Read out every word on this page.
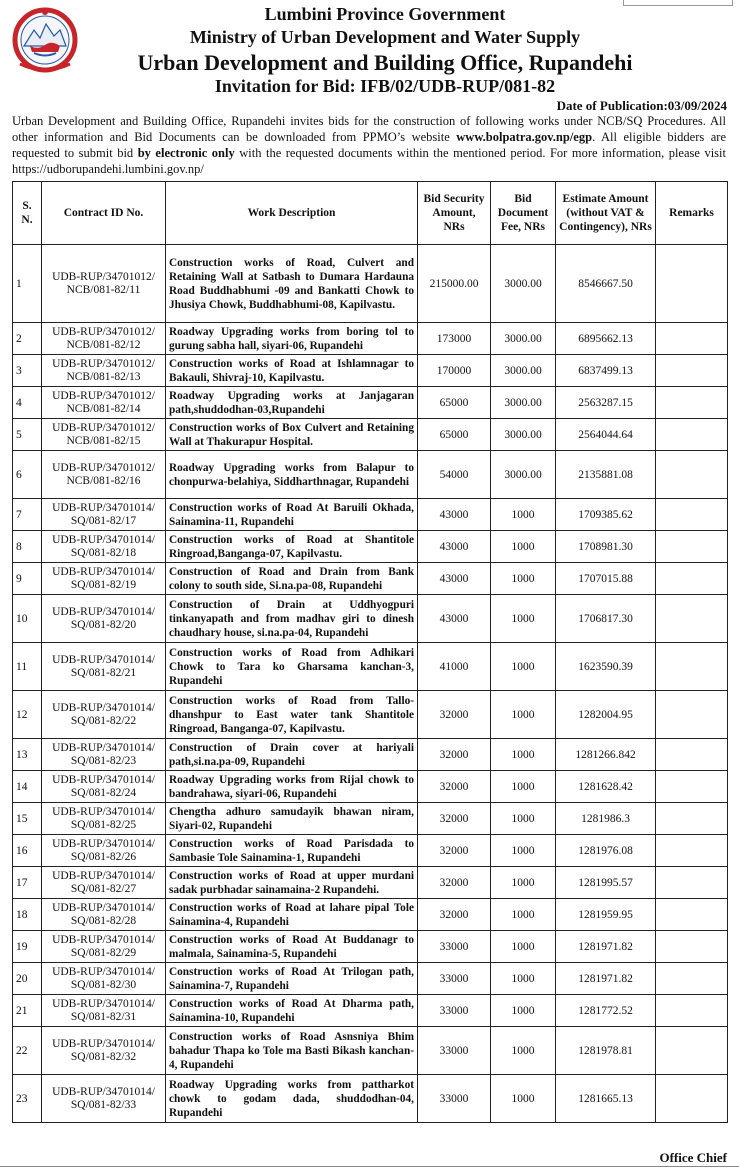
Lumbini Province Government
Ministry of Urban Development and Water Supply
Urban Development and Building Office, Rupandehi
Invitation for Bid: IFB/02/UDB-RUP/081-82
Date of Publication:03/09/2024
Urban Development and Building Office, Rupandehi invites bids for the construction of following works under NCB/SQ Procedures. All other information and Bid Documents can be downloaded from PPMO’s website www.bolpatra.gov.np/egp. All eligible bidders are requested to submit bid by electronic only with the requested documents within the mentioned period. For more information, please visit https://udborupandehi.lumbini.gov.np/
S. N.	Contract ID No.	Work Description	Bid Security Amount, NRs	Bid Document Fee, NRs	Estimate Amount (without VAT & Contingency), NRs	Remarks
1	UDB-RUP/34701012/
NCB/081-82/11	Construction works of Road, Culvert and Retaining Wall at Satbash to Dumara Hardauna Road Buddhabhumi -09 and Bankatti Chowk to Jhusiya Chowk, Buddhabhumi-08, Kapilvastu.	215000.00	3000.00	8546667.50	
2	UDB-RUP/34701012/
NCB/081-82/12	Roadway Upgrading works from boring tol to gurung sabha hall, siyari-06, Rupandehi	173000	3000.00	6895662.13	
3	UDB-RUP/34701012/
NCB/081-82/13	Construction works of Road at Ishlamnagar to Bakauli, Shivraj-10, Kapilvastu.	170000	3000.00	6837499.13	
4	UDB-RUP/34701012/
NCB/081-82/14	Roadway Upgrading works at Janjagaran path,shuddodhan-03,Rupandehi	65000	3000.00	2563287.15	
5	UDB-RUP/34701012/
NCB/081-82/15	Construction works of Box Culvert and Retaining Wall at Thakurapur Hospital.	65000	3000.00	2564044.64	
6	UDB-RUP/34701012/
NCB/081-82/16	Roadway Upgrading works from Balapur to chonpurwa-belahiya, Siddharthnagar, Rupandehi	54000	3000.00	2135881.08	
7	UDB-RUP/34701014/
SQ/081-82/17	Construction works of Road At Baruili Okhada, Sainamina-11, Rupandehi	43000	1000	1709385.62	
8	UDB-RUP/34701014/
SQ/081-82/18	Construction works of Road at Shantitole Ringroad,Banganga-07, Kapilvastu.	43000	1000	1708981.30	
9	UDB-RUP/34701014/
SQ/081-82/19	Construction of Road and Drain from Bank colony to south side, Si.na.pa-08, Rupandehi	43000	1000	1707015.88	
10	UDB-RUP/34701014/
SQ/081-82/20	Construction of Drain at Uddhyogpuri tinkanyapath and from madhav giri to dinesh chaudhary house, si.na.pa-04, Rupandehi	43000	1000	1706817.30	
11	UDB-RUP/34701014/
SQ/081-82/21	Construction works of Road from Adhikari Chowk to Tara ko Gharsama kanchan-3, Rupandehi	41000	1000	1623590.39	
12	UDB-RUP/34701014/
SQ/081-82/22	Construction works of Road from Tallo-dhanshpur to East water tank Shantitole Ringroad, Banganga-07, Kapilvastu.	32000	1000	1282004.95	
13	UDB-RUP/34701014/
SQ/081-82/23	Construction of Drain cover at hariyali path,si.na.pa-09, Rupandehi	32000	1000	1281266.842	
14	UDB-RUP/34701014/
SQ/081-82/24	Roadway Upgrading works from Rijal chowk to bandrahawa, siyari-06, Rupandehi	32000	1000	1281628.42	
15	UDB-RUP/34701014/
SQ/081-82/25	Chengtha adhuro samudayik bhawan niram, Siyari-02, Rupandehi	32000	1000	1281986.3	
16	UDB-RUP/34701014/
SQ/081-82/26	Construction works of Road Parisdada to Sambasie Tole Sainamina-1, Rupandehi	32000	1000	1281976.08	
17	UDB-RUP/34701014/
SQ/081-82/27	Construction works of Road at upper murdani sadak purbhadar sainamaina-2 Rupandehi.	32000	1000	1281995.57	
18	UDB-RUP/34701014/
SQ/081-82/28	Construction works of Road at lahare pipal Tole Sainamina-4, Rupandehi	32000	1000	1281959.95	
19	UDB-RUP/34701014/
SQ/081-82/29	Construction works of Road At Buddanagr to malmala, Sainamina-5, Rupandehi	33000	1000	1281971.82	
20	UDB-RUP/34701014/
SQ/081-82/30	Construction works of Road At Trilogan path, Sainamina-7, Rupandehi	33000	1000	1281971.82	
21	UDB-RUP/34701014/
SQ/081-82/31	Construction works of Road At Dharma path, Sainamina-10, Rupandehi	33000	1000	1281772.52	
22	UDB-RUP/34701014/
SQ/081-82/32	Construction works of Road Asnsniya Bhim bahadur Thapa ko Tole ma Basti Bikash kanchan-4, Rupandehi	33000	1000	1281978.81	
23	UDB-RUP/34701014/
SQ/081-82/33	Roadway Upgrading works from pattharkot chowk to godam dada, shuddodhan-04, Rupandehi	33000	1000	1281665.13	
Office Chief
